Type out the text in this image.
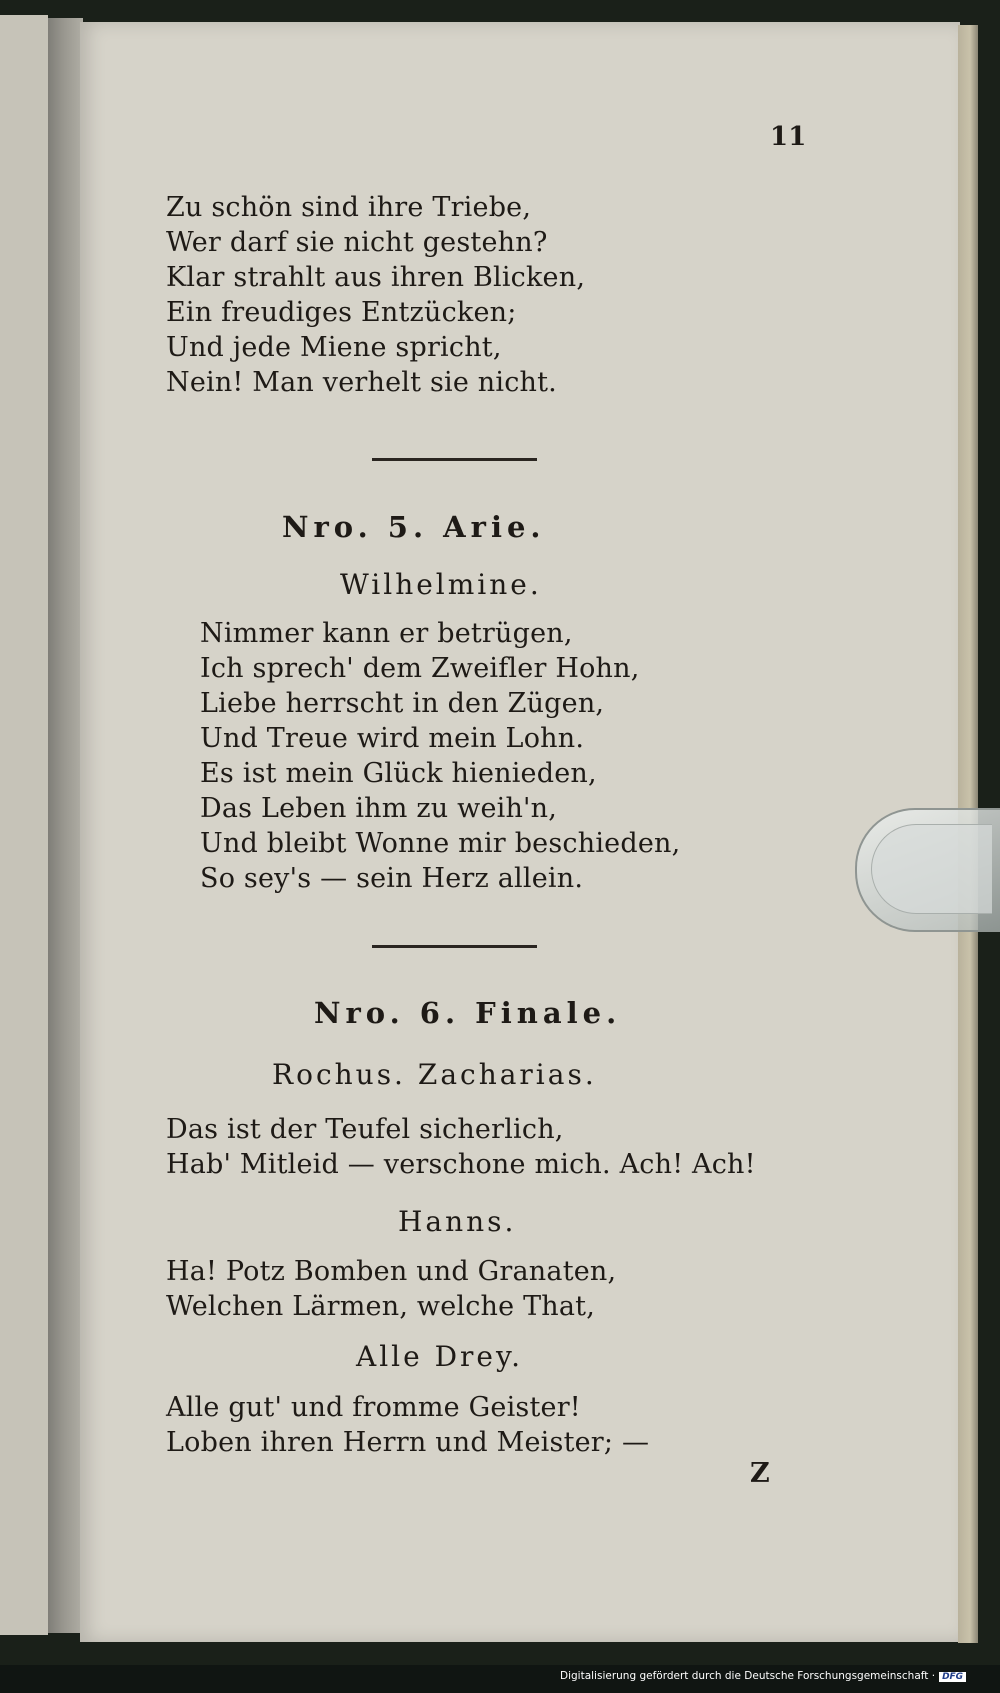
11
Zu schön sind ihre Triebe,
Wer darf sie nicht gestehn?
Klar strahlt aus ihren Blicken,
Ein freudiges Entzücken;
Und jede Miene spricht,
Nein! Man verhelt sie nicht.
Nro. 5. Arie.
Wilhelmine.
Nimmer kann er betrügen,
Ich sprech' dem Zweifler Hohn,
Liebe herrscht in den Zügen,
Und Treue wird mein Lohn.
Es ist mein Glück hienieden,
Das Leben ihm zu weih'n,
Und bleibt Wonne mir beschieden,
So sey's — sein Herz allein.
Nro. 6. Finale.
Rochus. Zacharias.
Das ist der Teufel sicherlich,
Hab' Mitleid — verschone mich. Ach! Ach!
Hanns.
Ha! Potz Bomben und Granaten,
Welchen Lärmen, welche That,
Alle Drey.
Alle gut' und fromme Geister!
Loben ihren Herrn und Meister; —
Z
Digitalisierung gefördert durch die Deutsche Forschungsgemeinschaft · DFG
